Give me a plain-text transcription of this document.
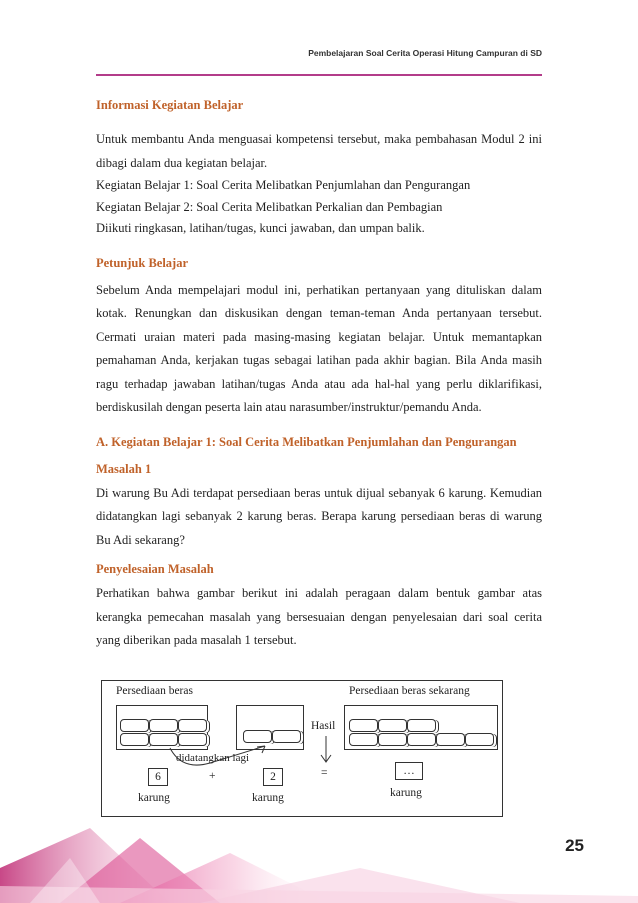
Pembelajaran Soal Cerita Operasi Hitung Campuran di SD
Informasi Kegiatan Belajar

Untuk membantu Anda menguasai kompetensi tersebut, maka pembahasan Modul 2 ini dibagi dalam dua kegiatan belajar.

Kegiatan Belajar 1: Soal Cerita Melibatkan Penjumlahan dan Pengurangan
Kegiatan Belajar 2: Soal Cerita Melibatkan Perkalian dan Pembagian
Diikuti ringkasan, latihan/tugas, kunci jawaban, dan umpan balik.
Petunjuk Belajar

Sebelum Anda mempelajari modul ini, perhatikan pertanyaan yang dituliskan dalam kotak. Renungkan dan diskusikan dengan teman-teman Anda pertanyaan tersebut. Cermati uraian materi pada masing-masing kegiatan belajar. Untuk memantapkan pemahaman Anda, kerjakan tugas sebagai latihan pada akhir bagian. Bila Anda masih ragu terhadap jawaban latihan/tugas Anda atau ada hal-hal yang perlu diklarifikasi, berdiskusilah dengan peserta lain atau narasumber/instruktur/pemandu Anda.

A. Kegiatan Belajar 1: Soal Cerita Melibatkan Penjumlahan dan Pengurangan
Masalah 1

Di warung Bu Adi terdapat persediaan beras untuk dijual sebanyak 6 karung. Kemudian didatangkan lagi sebanyak 2 karung beras. Berapa karung persediaan beras di warung Bu Adi sekarang?

Penyelesaian Masalah

Perhatikan bahwa gambar berikut ini adalah peragaan dalam bentuk gambar atas kerangka pemecahan masalah yang bersesuaian dengan penyelesaian dari soal cerita yang diberikan pada masalah 1 tersebut.

Persediaan beras	Persediaan beras sekarang
Hasil
didatangkan lagi
6	+	2	=	…
karung	karung	karung
25
